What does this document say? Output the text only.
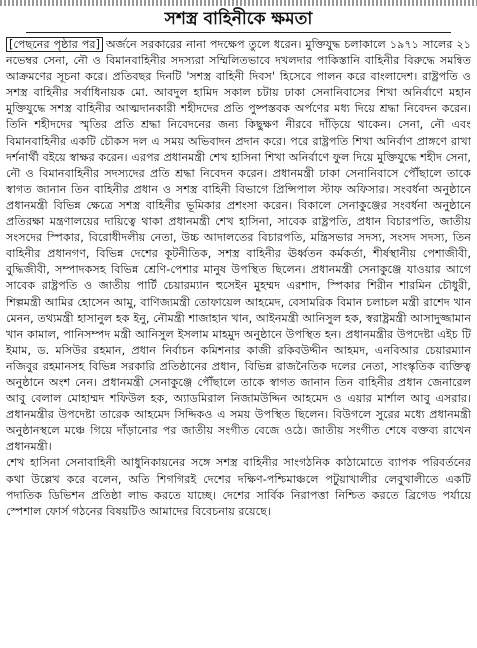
সশস্ত্র বাহিনীকে ক্ষমতা

[পেছনের পৃষ্ঠার পর] অর্জনে সরকারের নানা পদক্ষেপ তুলে ধরেন। মুক্তিযুদ্ধ চলাকালে ১৯৭১ সালের ২১ নভেম্বর সেনা, নৌ ও বিমানবাহিনীর সদস্যরা সম্মিলিতভাবে দখলদার পাকিস্তানি বাহিনীর বিরুদ্ধে সমন্বিত আক্রমণের সূচনা করে। প্রতিবছর দিনটি 'সশস্ত্র বাহিনী দিবস' হিসেবে পালন করে বাংলাদেশ। রাষ্ট্রপতি ও সশস্ত্র বাহিনীর সর্বাধিনায়ক মো. আবদুল হামিদ সকাল চটায় ঢাকা সেনানিবাসের শিখা অনির্বাণে মহান মুক্তিযুদ্ধে সশস্ত্র বাহিনীর আত্মদানকারী শহীদদের প্রতি পুষ্পস্তবক অর্পণের মধ্য দিয়ে শ্রদ্ধা নিবেদন করেন। তিনি শহীদদের স্মৃতির প্রতি শ্রদ্ধা নিবেদনের জন্য কিছুক্ষণ নীরবে দাঁড়িয়ে থাকেন। সেনা, নৌ এবং বিমানবাহিনীর একটি চৌকস দল এ সময় অভিবাদন প্রদান করে। পরে রাষ্ট্রপতি শিখা অনির্বাণ প্রাঙ্গণে রাখা দর্শনার্থী বইয়ে স্বাক্ষর করেন। এরপর প্রধানমন্ত্রী শেখ হাসিনা শিখা অনির্বাণে ফুল দিয়ে মুক্তিযুদ্ধে শহীদ সেনা, নৌ ও বিমানবাহিনীর সদস্যদের প্রতি শ্রদ্ধা নিবেদন করেন। প্রধানমন্ত্রী ঢাকা সেনানিবাসে পৌঁছালে তাকে স্বাগত জানান তিন বাহিনীর প্রধান ও সশস্ত্র বাহিনী বিভাগে প্রিন্সিপাল স্টাফ অফিসার। সংবর্ধনা অনুষ্ঠানে প্রধানমন্ত্রী বিভিন্ন ক্ষেত্রে সশস্ত্র বাহিনীর ভূমিকার প্রশংসা করেন। বিকালে সেনাকুঞ্জের সংবর্ধনা অনুষ্ঠানে প্রতিরক্ষা মন্ত্রণালয়ের দায়িত্বে থাকা প্রধানমন্ত্রী শেখ হাসিনা, সাবেক রাষ্ট্রপতি, প্রধান বিচারপতি, জাতীয় সংসদের স্পিকার, বিরোধীদলীয় নেতা, উচ্চ আদালতের বিচারপতি, মন্ত্রিসভার সদস্য, সংসদ সদস্য, তিন বাহিনীর প্রধানগণ, বিভিন্ন দেশের কূটনীতিক, সশস্ত্র বাহিনীর ঊর্ধ্বতন কর্মকর্তা, শীর্ষস্থানীয় পেশাজীবী, বুদ্ধিজীবী, সম্পাদকসহ বিভিন্ন শ্রেণি-পেশার মানুষ উপস্থিত ছিলেন। প্রধানমন্ত্রী সেনাকুঞ্জে যাওয়ার আগে সাবেক রাষ্ট্রপতি ও জাতীয় পার্টি চেয়ারম্যান হুসেইন মুহম্মদ এরশাদ, স্পিকার শিরীন শারমিন চৌধুরী, শিল্পমন্ত্রী আমির হোসেন আমু, বাণিজ্যমন্ত্রী তোফায়েল আহমেদ, বেসামরিক বিমান চলাচল মন্ত্রী রাশেদ খান মেনন, তথ্যমন্ত্রী হাসানুল হক ইনু, নৌমন্ত্রী শাজাহান খান, আইনমন্ত্রী আনিসুল হক, স্বরাষ্ট্রমন্ত্রী আসাদুজ্জামান খান কামাল, পানিসম্পদ মন্ত্রী আনিসুল ইসলাম মাহমুদ অনুষ্ঠানে উপস্থিত হন। প্রধানমন্ত্রীর উপদেষ্টা এইচ টি ইমাম, ড. মসিউর রহমান, প্রধান নির্বাচন কমিশনার কাজী রকিবউদ্দীন আহমদ, এনবিআর চেয়ারম্যান নজিবুর রহমানসহ বিভিন্ন সরকারি প্রতিষ্ঠানের প্রধান, বিভিন্ন রাজনৈতিক দলের নেতা, সাংস্কৃতিক ব্যক্তিত্ব অনুষ্ঠানে অংশ নেন। প্রধানমন্ত্রী সেনাকুঞ্জে পৌঁছালে তাকে স্বাগত জানান তিন বাহিনীর প্রধান জেনারেল আবু বেলাল মোহাম্মদ শফিউল হক, অ্যাডমিরাল নিজামউদ্দিন আহমেদ ও এয়ার মার্শাল আবু এসরার। প্রধানমন্ত্রীর উপদেষ্টা তারেক আহমেদ সিদ্দিকও এ সময় উপস্থিত ছিলেন। বিউগলে সুরের মধ্যে প্রধানমন্ত্রী অনুষ্ঠানস্থলে মঞ্চে গিয়ে দাঁড়ানোর পর জাতীয় সংগীত বেজে ওঠে। জাতীয় সংগীত শেষে বক্তব্য রাখেন প্রধানমন্ত্রী।

শেখ হাসিনা সেনাবাহিনী আধুনিকায়নের সঙ্গে সশস্ত্র বাহিনীর সাংগঠনিক কাঠামোতে ব্যাপক পরিবর্তনের কথা উল্লেখ করে বলেন, অতি শিগগিরই দেশের দক্ষিণ-পশ্চিমাঞ্চলে পটুয়াখালীর লেবুখালীতে একটি পদাতিক ডিভিশন প্রতিষ্ঠা লাভ করতে যাচ্ছে। দেশের সার্বিক নিরাপত্তা নিশ্চিত করতে ব্রিগেড পর্যায়ে স্পেশাল ফোর্স গঠনের বিষয়টিও আমাদের বিবেচনায় রয়েছে।
